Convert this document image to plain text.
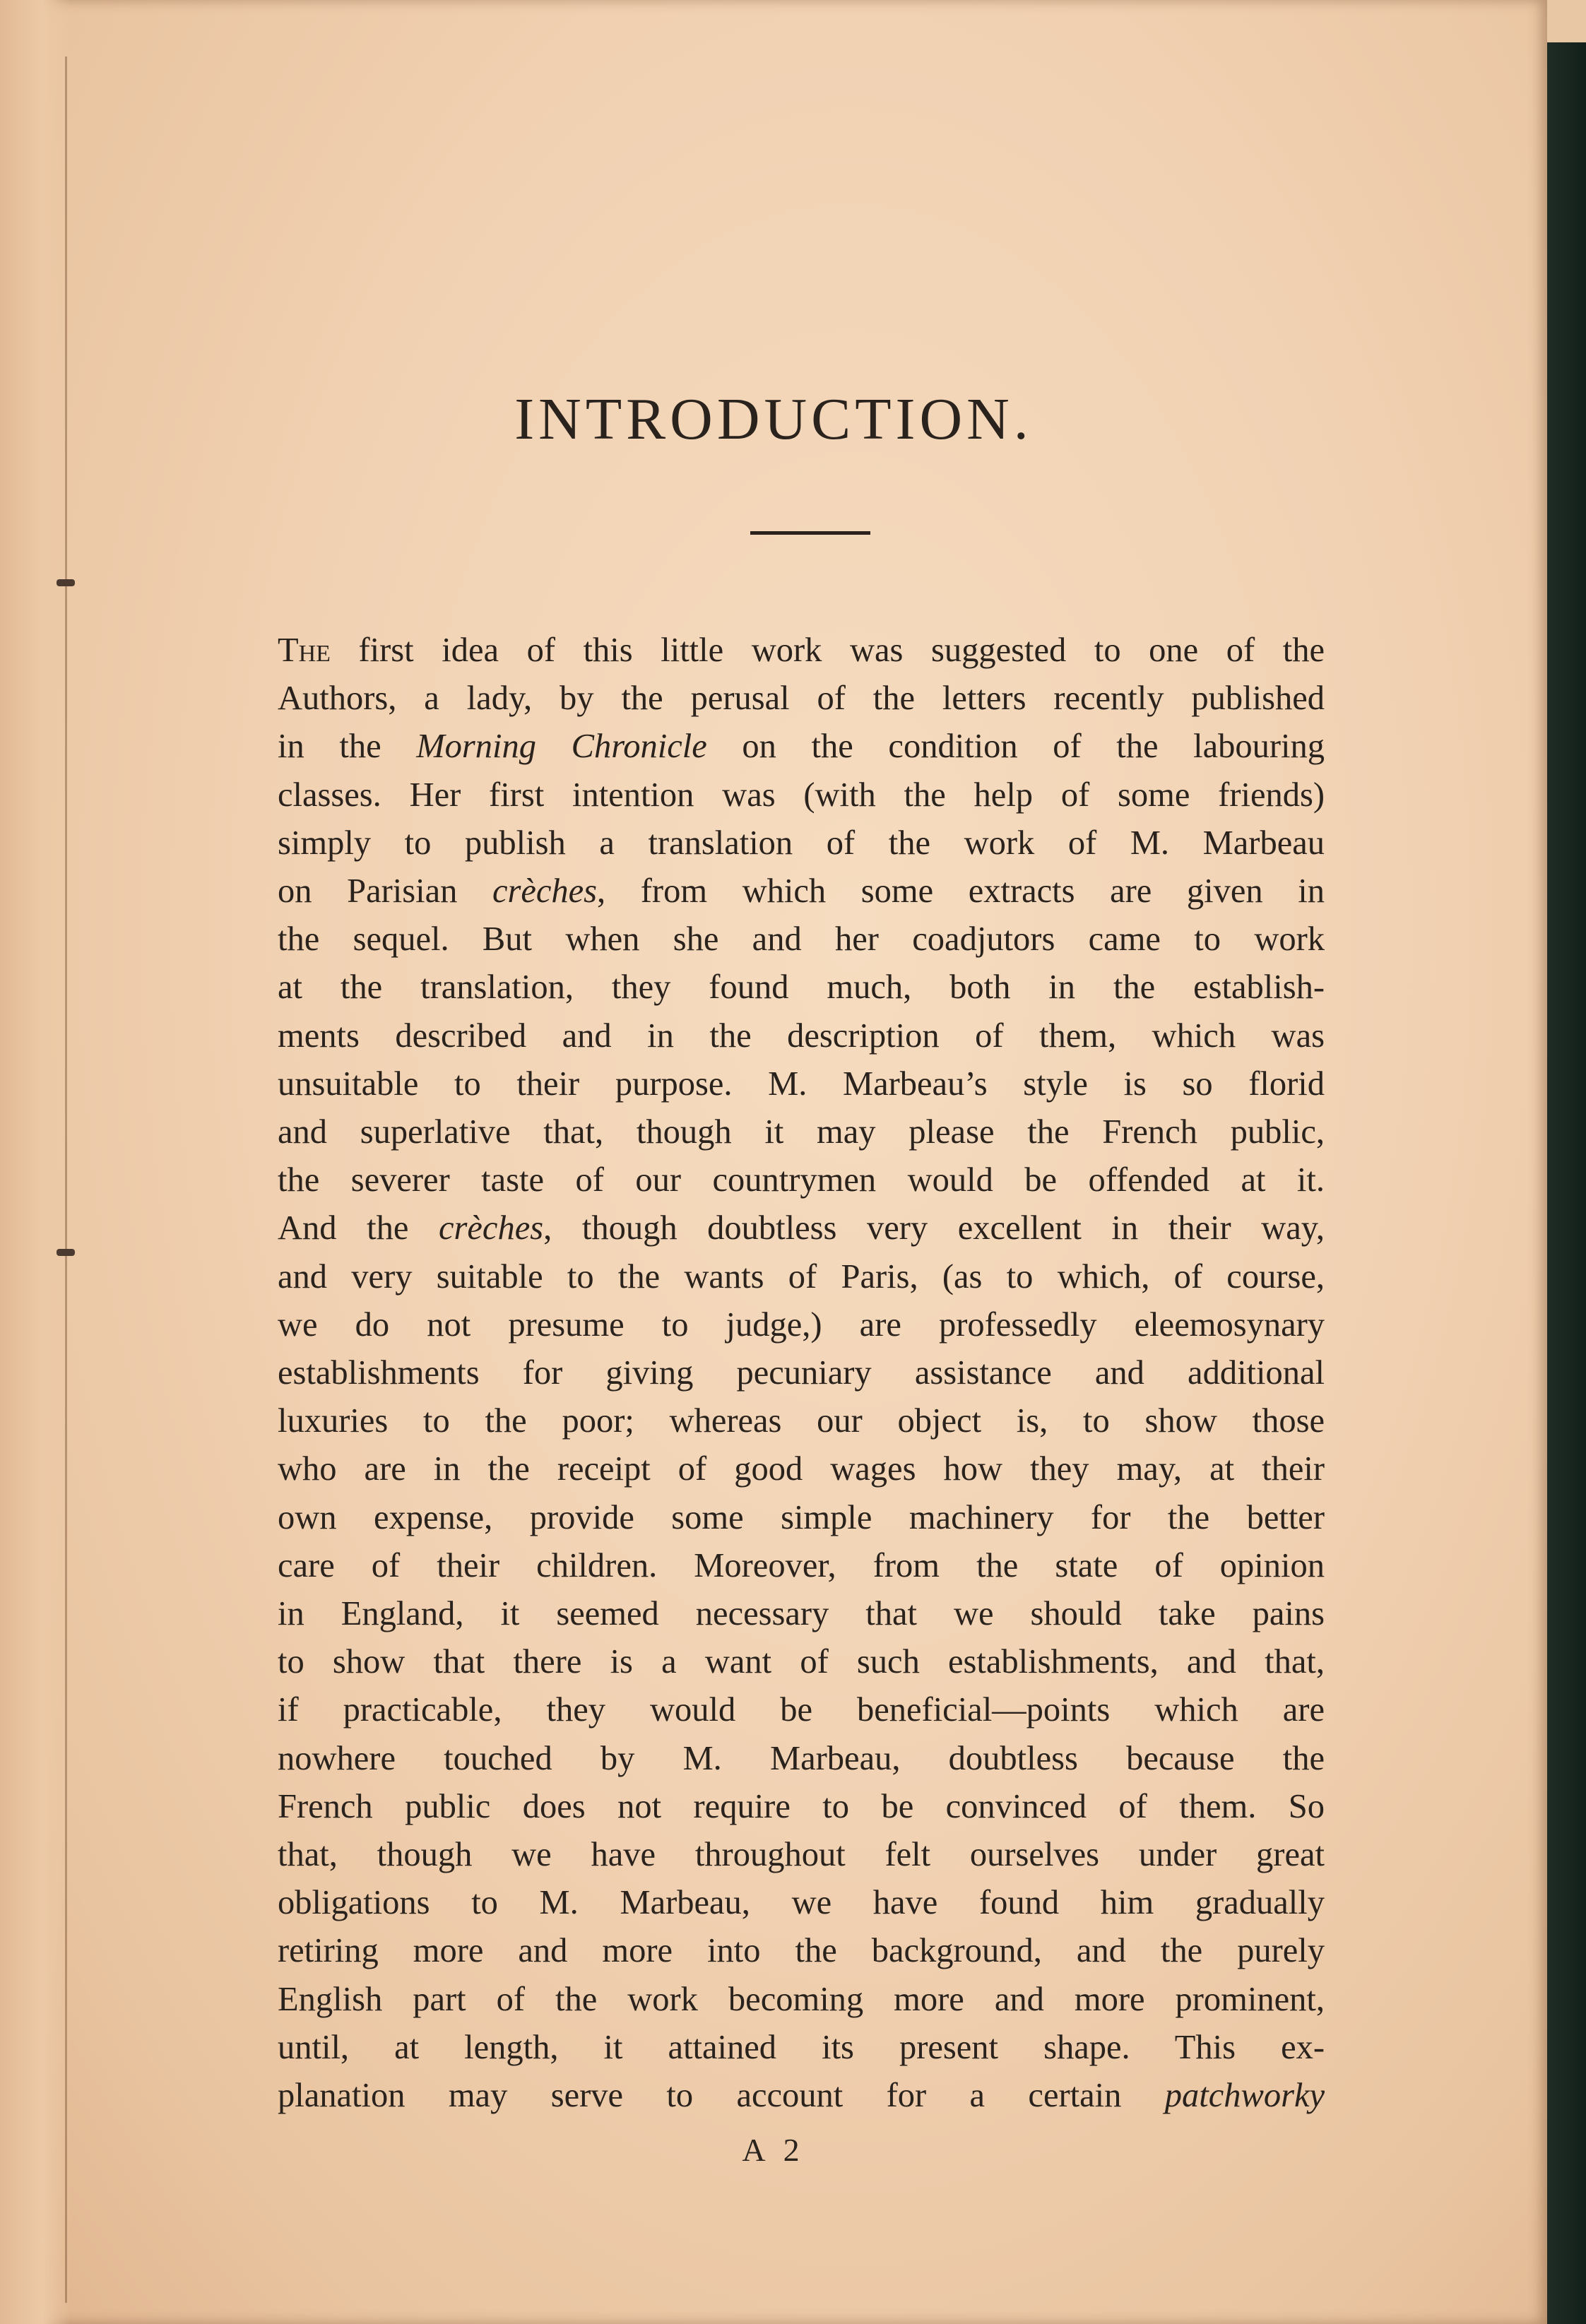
INTRODUCTION.
The first idea of this little work was suggested to one of the
Authors, a lady, by the perusal of the letters recently published
in the Morning Chronicle on the condition of the labouring
classes. Her first intention was (with the help of some friends)
simply to publish a translation of the work of M. Marbeau
on Parisian crèches, from which some extracts are given in
the sequel. But when she and her coadjutors came to work
at the translation, they found much, both in the establish-
ments described and in the description of them, which was
unsuitable to their purpose. M. Marbeau’s style is so florid
and superlative that, though it may please the French public,
the severer taste of our countrymen would be offended at it.
And the crèches, though doubtless very excellent in their way,
and very suitable to the wants of Paris, (as to which, of course,
we do not presume to judge,) are professedly eleemosynary
establishments for giving pecuniary assistance and additional
luxuries to the poor; whereas our object is, to show those
who are in the receipt of good wages how they may, at their
own expense, provide some simple machinery for the better
care of their children. Moreover, from the state of opinion
in England, it seemed necessary that we should take pains
to show that there is a want of such establishments, and that,
if practicable, they would be beneficial—points which are
nowhere touched by M. Marbeau, doubtless because the
French public does not require to be convinced of them. So
that, though we have throughout felt ourselves under great
obligations to M. Marbeau, we have found him gradually
retiring more and more into the background, and the purely
English part of the work becoming more and more prominent,
until, at length, it attained its present shape. This ex-
planation may serve to account for a certain patchworky
A 2
